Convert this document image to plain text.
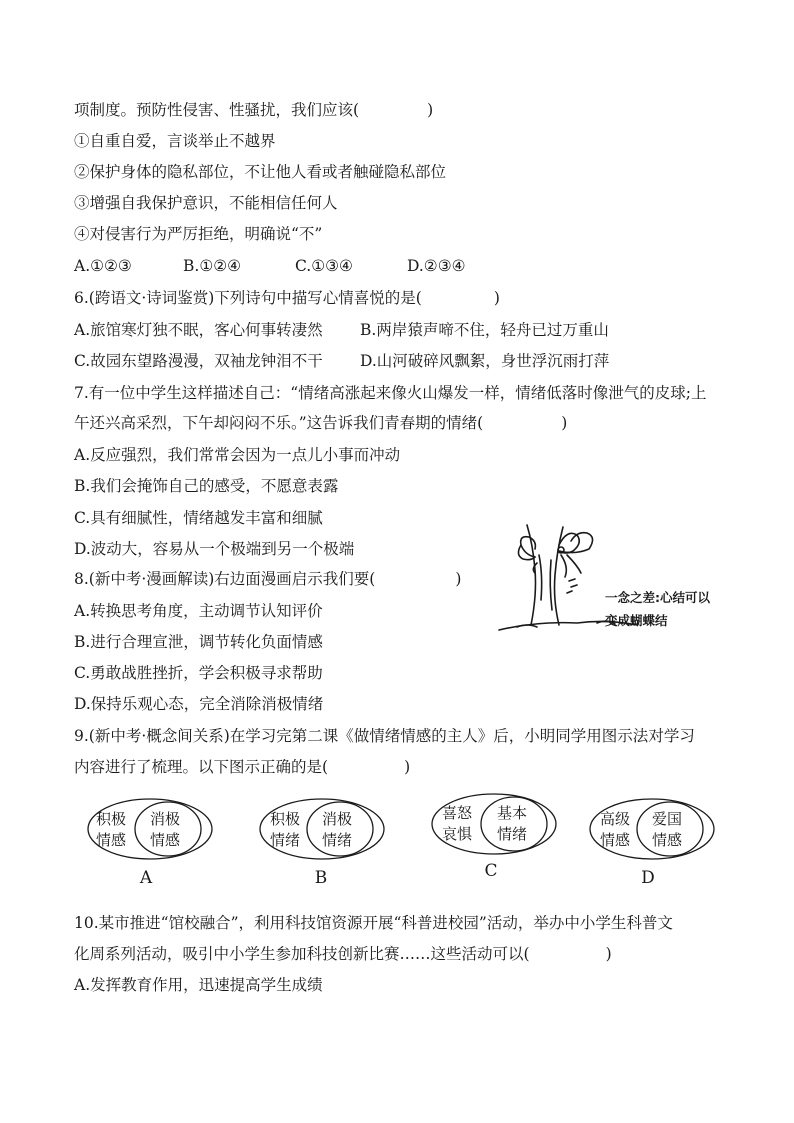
项制度。预防性侵害、性骚扰，我们应该(	)
①自重自爱，言谈举止不越界
②保护身体的隐私部位，不让他人看或者触碰隐私部位
③增强自我保护意识，不能相信任何人
④对侵害行为严厉拒绝，明确说“不”
A.①②③	B.①②④	C.①③④	D.②③④
6.(跨语文·诗词鉴赏)下列诗句中描写心情喜悦的是(	)
A.旅馆寒灯独不眠，客心何事转凄然 B.两岸猿声啼不住，轻舟已过万重山
C.故园东望路漫漫，双袖龙钟泪不干 D.山河破碎风飘絮，身世浮沉雨打萍
7.有一位中学生这样描述自己：“情绪高涨起来像火山爆发一样，情绪低落时像泄气的皮球;上
午还兴高采烈，下午却闷闷不乐。”这告诉我们青春期的情绪(	)
A.反应强烈，我们常常会因为一点儿小事而冲动
B.我们会掩饰自己的感受，不愿意表露
C.具有细腻性，情绪越发丰富和细腻
D.波动大，容易从一个极端到另一个极端
8.(新中考·漫画解读)右边面漫画启示我们要(	)
A.转换思考角度，主动调节认知评价
B.进行合理宣泄，调节转化负面情感
C.勇敢战胜挫折，学会积极寻求帮助
D.保持乐观心态，完全消除消极情绪
一念之差:心结可以
变成蝴蝶结
9.(新中考·概念间关系)在学习完第二课《做情绪情感的主人》后，小明同学用图示法对学习
内容进行了梳理。以下图示正确的是(	)
积极
情感
消极
情感
A
积极
情绪
消极
情绪
B
喜怒
哀惧
基本
情绪
C
高级
情感
爱国
情感
D
10.某市推进“馆校融合”，利用科技馆资源开展“科普进校园”活动，举办中小学生科普文
化周系列活动，吸引中小学生参加科技创新比赛……这些活动可以(	)
A.发挥教育作用，迅速提高学生成绩
